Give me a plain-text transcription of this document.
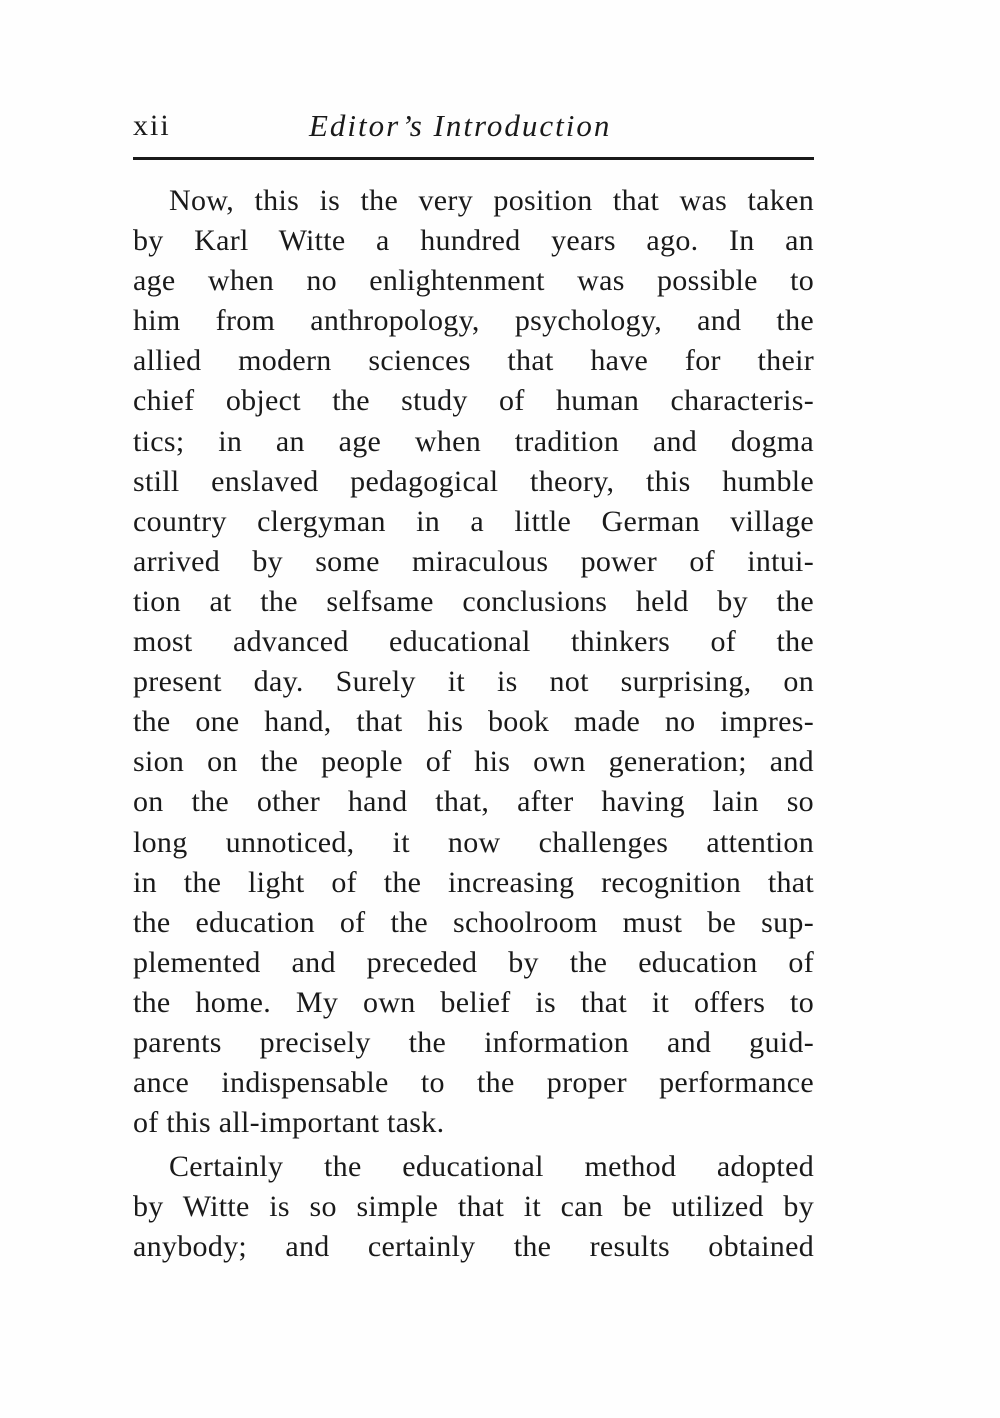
xii	Editor’s Introduction
Now, this is the very position that was taken
by Karl Witte a hundred years ago. In an
age when no enlightenment was possible to
him from anthropology, psychology, and the
allied modern sciences that have for their
chief object the study of human characteris-
tics; in an age when tradition and dogma
still enslaved pedagogical theory, this humble
country clergyman in a little German village
arrived by some miraculous power of intui-
tion at the selfsame conclusions held by the
most advanced educational thinkers of the
present day. Surely it is not surprising, on
the one hand, that his book made no impres-
sion on the people of his own generation; and
on the other hand that, after having lain so
long unnoticed, it now challenges attention
in the light of the increasing recognition that
the education of the schoolroom must be sup-
plemented and preceded by the education of
the home. My own belief is that it offers to
parents precisely the information and guid-
ance indispensable to the proper performance
of this all-important task.
Certainly the educational method adopted
by Witte is so simple that it can be utilized by
anybody; and certainly the results obtained
